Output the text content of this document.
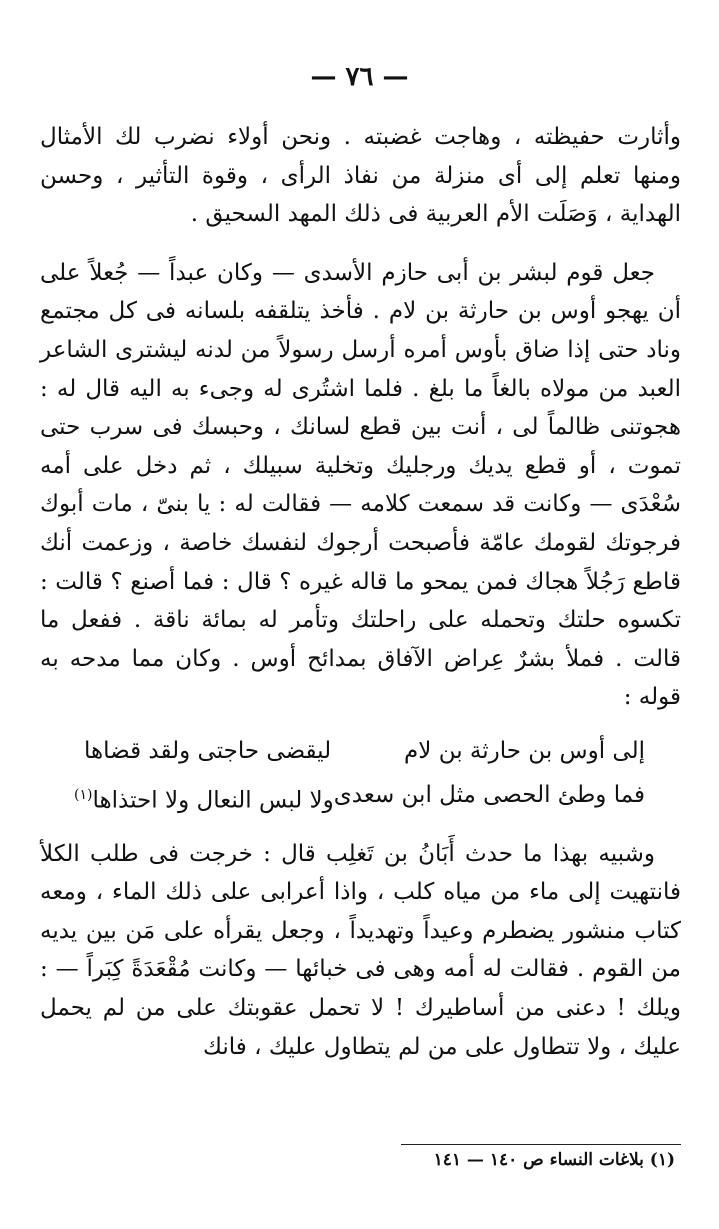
— ٧٦ —

وأثارت حفيظته ، وهاجت غضبته . ونحن أولاء نضرب لك الأمثال ومنها تعلم إلى أى منزلة من نفاذ الرأى ، وقوة التأثير ، وحسن الهداية ، وَصَلَت الأم العربية فى ذلك المهد السحيق .

جعل قوم لبشر بن أبى حازم الأسدى — وكان عبداً — جُعلاً على أن يهجو أوس بن حارثة بن لام . فأخذ يتلقفه بلسانه فى كل مجتمع وناد حتى إذا ضاق بأوس أمره أرسل رسولاً من لدنه ليشترى الشاعر العبد من مولاه بالغاً ما بلغ . فلما اشتُرى له وجىء به اليه قال له : هجوتنى ظالماً لى ، أنت بين قطع لسانك ، وحبسك فى سرب حتى تموت ، أو قطع يديك ورجليك وتخلية سبيلك ، ثم دخل على أمه سُعْدَى — وكانت قد سمعت كلامه — فقالت له : يا بنىّ ، مات أبوك فرجوتك لقومك عامّة فأصبحت أرجوك لنفسك خاصة ، وزعمت أنك قاطع رَجُلاً هجاك فمن يمحو ما قاله غيره ؟ قال : فما أصنع ؟ قالت : تكسوه حلتك وتحمله على راحلتك وتأمر له بمائة ناقة . ففعل ما قالت . فملأ بشرٌ عِراض الآفاق بمدائح أوس . وكان مما مدحه به قوله :

إلى أوس بن حارثة بن لام
ليقضى حاجتى ولقد قضاها
فما وطئ الحصى مثل ابن سعدى
ولا لبس النعال ولا احتذاها$^{(١)}$

وشبيه بهذا ما حدث أَبَانُ بن تَغلِب قال : خرجت فى طلب الكلأ فانتهيت إلى ماء من مياه كلب ، واذا أعرابى على ذلك الماء ، ومعه كتاب منشور يضطرم وعيداً وتهديداً ، وجعل يقرأه على مَن بين يديه من القوم . فقالت له أمه وهى فى خبائها — وكانت مُقْعَدَةً كِبَراً — : ويلك ! دعنى من أساطيرك ! لا تحمل عقوبتك على من لم يحمل عليك ، ولا تتطاول على من لم يتطاول عليك ، فانك

(١) بلاغات النساء ص ١٤٠ — ١٤١
